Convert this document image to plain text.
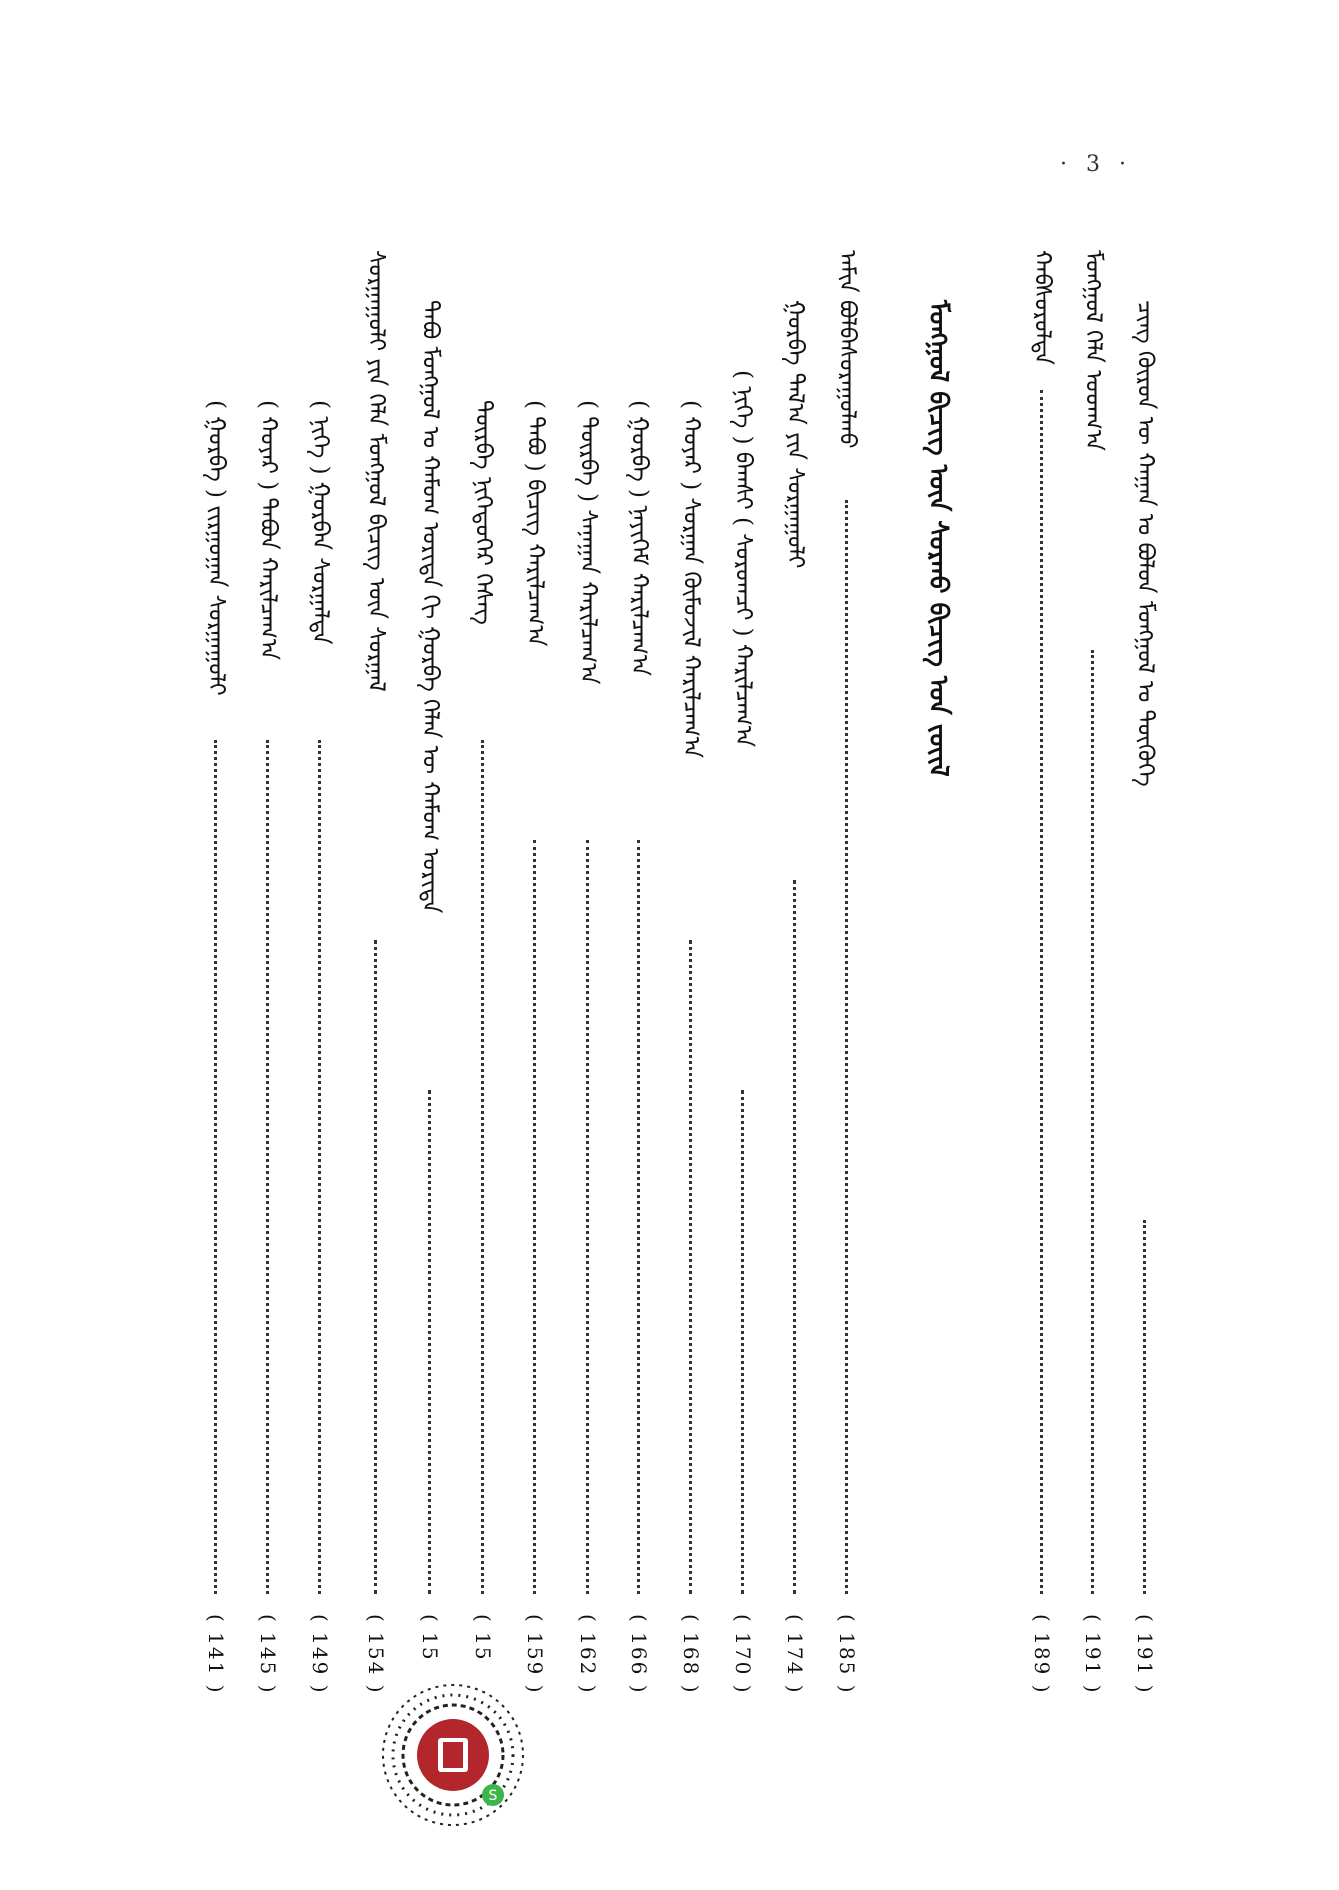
· 3 ·
ᠴᠢᠩ ᠭᠦᠷᠦᠨ ᠦ ᠬᠠᠭᠠᠨ ᠤ ᠪᠣᠯᠤᠨ ᠮᠣᠩᠭᠣᠯ ᠤ ᠲᠦᠭᠦᠬᠡ
( 191 )
ᠮᠣᠩᠭᠣᠯ ᠬᠡᠯᠡ ᠤᠳᠬ᠎ᠠ
( 191 )
ᠬᠠᠪᠰᠤᠷᠤᠯᠲᠠ
( 189 )
ᠮᠣᠩᠭᠣᠯ ᠪᠢᠴᠢᠭ᠌ ᠦᠨ ᠰᠤᠷᠬᠤ ᠪᠢᠴᠢᠭ᠌ ᠤᠨ ᠵᠦᠢᠯ
ᠠᠮᠢᠨ ᠪᠣᠯᠪᠠᠰᠤᠷᠠᠭᠤᠯᠬᠤ
( 185 )
ᠭᠤᠷᠪᠠ ᠲᠠᠯ᠎ᠠ ᠶᠢᠨ ᠰᠤᠷᠭᠠᠭᠤᠯᠢ
( 174 )
( ᠨᠢᠭᠡ ) ᠪᠠᠭᠰᠢ ( ᠰᠤᠷᠤᠭᠴᠢ ) ᠬᠠᠷᠢᠯᠴᠠᠭ᠎ᠠ
( 170 )
( ᠬᠣᠶᠠᠷ ) ᠰᠤᠷᠭᠠᠨ ᠬᠦᠮᠦᠵᠢᠯ ᠬᠠᠷᠢᠯᠴᠠᠭ᠎ᠠ
( 168 )
( ᠭᠤᠷᠪᠠ ) ᠨᠡᠶᠢᠭᠡᠮ ᠬᠠᠷᠢᠯᠴᠠᠭ᠎ᠠ
( 166 )
( ᠳᠦᠷᠪᠡ ) ᠰᠠᠨᠠᠭᠠᠨ ᠬᠠᠷᠢᠯᠴᠠᠭ᠎ᠠ
( 162 )
( ᠲᠠᠪᠤ ) ᠪᠢᠴᠢᠭ᠌ ᠬᠠᠷᠢᠯᠴᠠᠭ᠎ᠠ
( 159 )
ᠳᠥᠷᠪᠡ ᠨᠢᠭᠡᠳᠦᠭᠡᠷ ᠬᠡᠰᠡᠭ
( 15
ᠲᠠᠪᠤ ᠮᠣᠩᠭᠣᠯ ᠤ ᠬᠠᠮᠤᠭ ᠤᠷᠢᠳᠠ ᠬᠢ ᠭᠤᠷᠪᠠ ᠬᠡᠯᠡᠨ ᠦ ᠬᠠᠮᠤᠭ ᠤᠷᠢᠳᠠ
( 15
ᠰᠤᠷᠭᠠᠭᠤᠯᠢ ᠶᠢᠨ ᠬᠡᠯᠡ ᠮᠣᠩᠭᠣᠯ ᠪᠢᠴᠢᠭ᠌ ᠦᠨ ᠰᠤᠷᠭᠠᠯ
( 154 )
( ᠨᠢᠭᠡ ) ᠭᠤᠷᠪᠠᠨ ᠰᠤᠷᠭᠠᠯᠲᠠ
( 149 )
( ᠬᠣᠶᠠᠷ ) ᠲᠠᠪᠤᠨ ᠬᠠᠷᠢᠯᠴᠠᠭ᠎ᠠ
( 145 )
( ᠭᠤᠷᠪᠠ ) ᠵᠢᠷᠭᠤᠭᠠᠨ ᠰᠤᠷᠭᠠᠭᠤᠯᠢ
( 141 )
S
